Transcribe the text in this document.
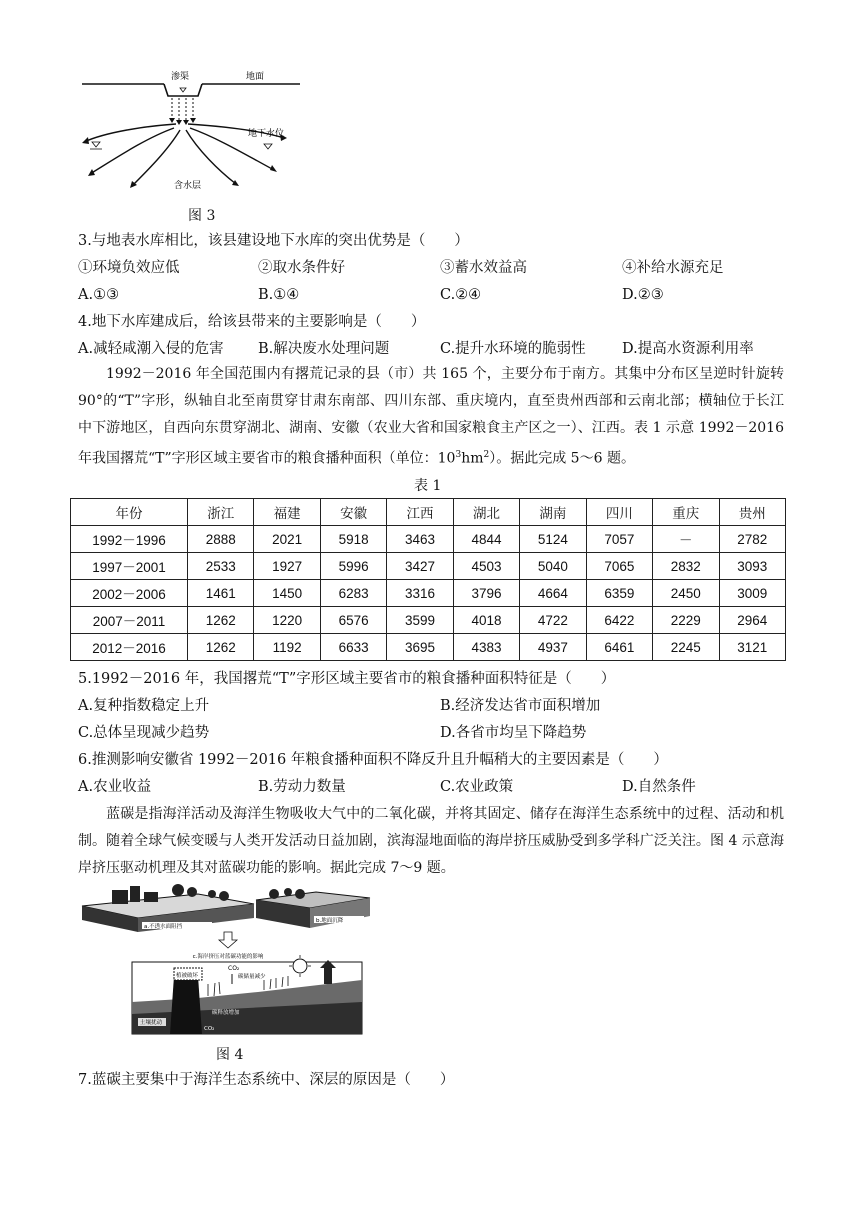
渗渠	地面
地下水位
含水层
图 3
3.与地表水库相比，该县建设地下水库的突出优势是（　　）
①环境负效应低	②取水条件好	③蓄水效益高	④补给水源充足
A.①③	B.①④	C.②④	D.②③
4.地下水库建成后，给该县带来的主要影响是（　　）
A.减轻咸潮入侵的危害 B.解决废水处理问题	C.提升水环境的脆弱性	D.提高水资源利用率
1992－2016 年全国范围内有撂荒记录的县（市）共 165 个，主要分布于南方。其集中分布区呈逆时针旋转 90°的“T”字形，纵轴自北至南贯穿甘肃东南部、四川东部、重庆境内，直至贵州西部和云南北部；横轴位于长江中下游地区，自西向东贯穿湖北、湖南、安徽（农业大省和国家粮食主产区之一）、江西。表 1 示意 1992－2016 年我国撂荒“T”字形区域主要省市的粮食播种面积（单位：$10^3hm^2$）。据此完成 5～6 题。
表 1
年份	浙江	福建	安徽	江西	湖北	湖南	四川	重庆	贵州
1992－1996	2888	2021	5918	3463	4844	5124	7057	－	2782
1997－2001	2533	1927	5996	3427	4503	5040	7065	2832	3093
2002－2006	1461	1450	6283	3316	3796	4664	6359	2450	3009
2007－2011	1262	1220	6576	3599	4018	4722	6422	2229	2964
2012－2016	1262	1192	6633	3695	4383	4937	6461	2245	3121
5.1992－2016 年，我国撂荒“T”字形区域主要省市的粮食播种面积特征是（　　）
A.复种指数稳定上升	B.经济发达省市面积增加
C.总体呈现减少趋势	D.各省市均呈下降趋势
6.推测影响安徽省 1992－2016 年粮食播种面积不降反升且升幅稍大的主要因素是（　　）
A.农业收益	B.劳动力数量	C.农业政策	D.自然条件
蓝碳是指海洋活动及海洋生物吸收大气中的二氧化碳，并将其固定、储存在海洋生态系统中的过程、活动和机制。随着全球气候变暖与人类开发活动日益加剧，滨海湿地面临的海岸挤压威胁受到多学科广泛关注。图 4 示意海岸挤压驱动机理及其对蓝碳功能的影响。据此完成 7～9 题。
a.不透水面阻挡
b.地面沉降
c.海岸挤压对蓝碳功能的影响
植被破坏
CO₂
碳储量减少
土壤扰动
碳释放增加
CO₂
图 4
7.蓝碳主要集中于海洋生态系统中、深层的原因是（　　）
